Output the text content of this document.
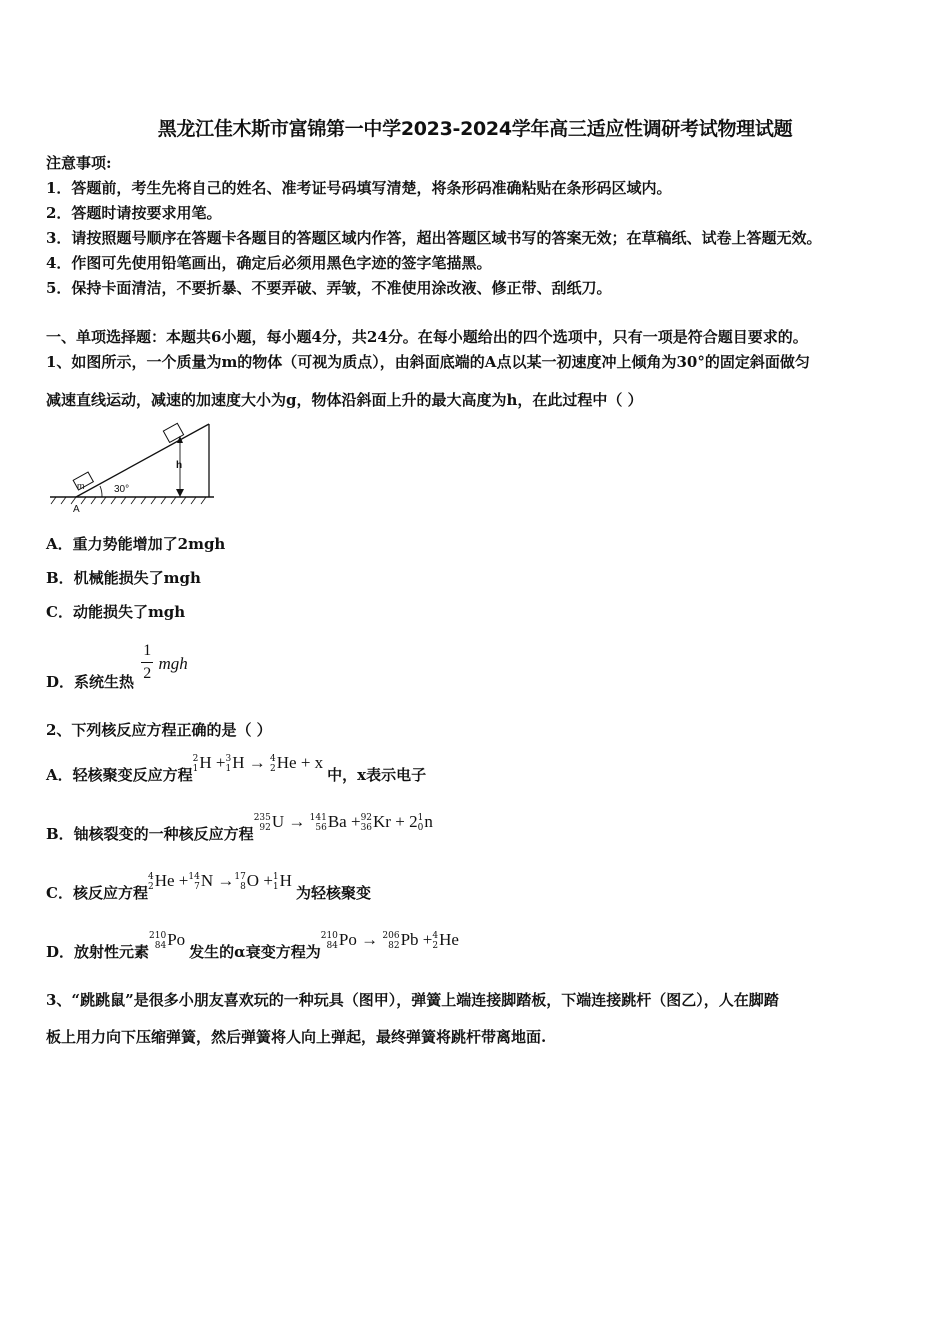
黑龙江佳木斯市富锦第一中学2023-2024学年高三适应性调研考试物理试题
注意事项:
1．答题前，考生先将自己的姓名、准考证号码填写清楚，将条形码准确粘贴在条形码区域内。
2．答题时请按要求用笔。
3．请按照题号顺序在答题卡各题目的答题区域内作答，超出答题区域书写的答案无效；在草稿纸、试卷上答题无效。
4．作图可先使用铅笔画出，确定后必须用黑色字迹的签字笔描黑。
5．保持卡面清洁，不要折暴、不要弄破、弄皱，不准使用涂改液、修正带、刮纸刀。
一、单项选择题：本题共6小题，每小题4分，共24分。在每小题给出的四个选项中，只有一项是符合题目要求的。
1、如图所示，一个质量为m的物体（可视为质点），由斜面底端的A点以某一初速度冲上倾角为30°的固定斜面做匀
减速直线运动，减速的加速度大小为g，物体沿斜面上升的最大高度为h，在此过程中（ ）
m
h
30°
A
A．重力势能增加了2mgh
B．机械能损失了mgh
C．动能损失了mgh
D．系统生热 $\frac{1}{2}$ mgh
2、下列核反应方程正确的是（ ）
A．轻核聚变反应方程
2
1 H + 3
1 H → 4
2 He + x中，x表示电子
B．铀核裂变的一种核反应方程
235
92 U → 141
56 Ba + 92
36 Kr + 2 1
0 n
C．核反应方程
4
2 He + 14
7 N → 17
8 O + 1
1 H为轻核聚变
D．放射性元素
210
84 Po发生的α衰变方程为
210
84 Po → 206
82 Pb + 4
2 He
3、“跳跳鼠”是很多小朋友喜欢玩的一种玩具（图甲），弹簧上端连接脚踏板，下端连接跳杆（图乙），人在脚踏
板上用力向下压缩弹簧，然后弹簧将人向上弹起，最终弹簧将跳杆带离地面.
